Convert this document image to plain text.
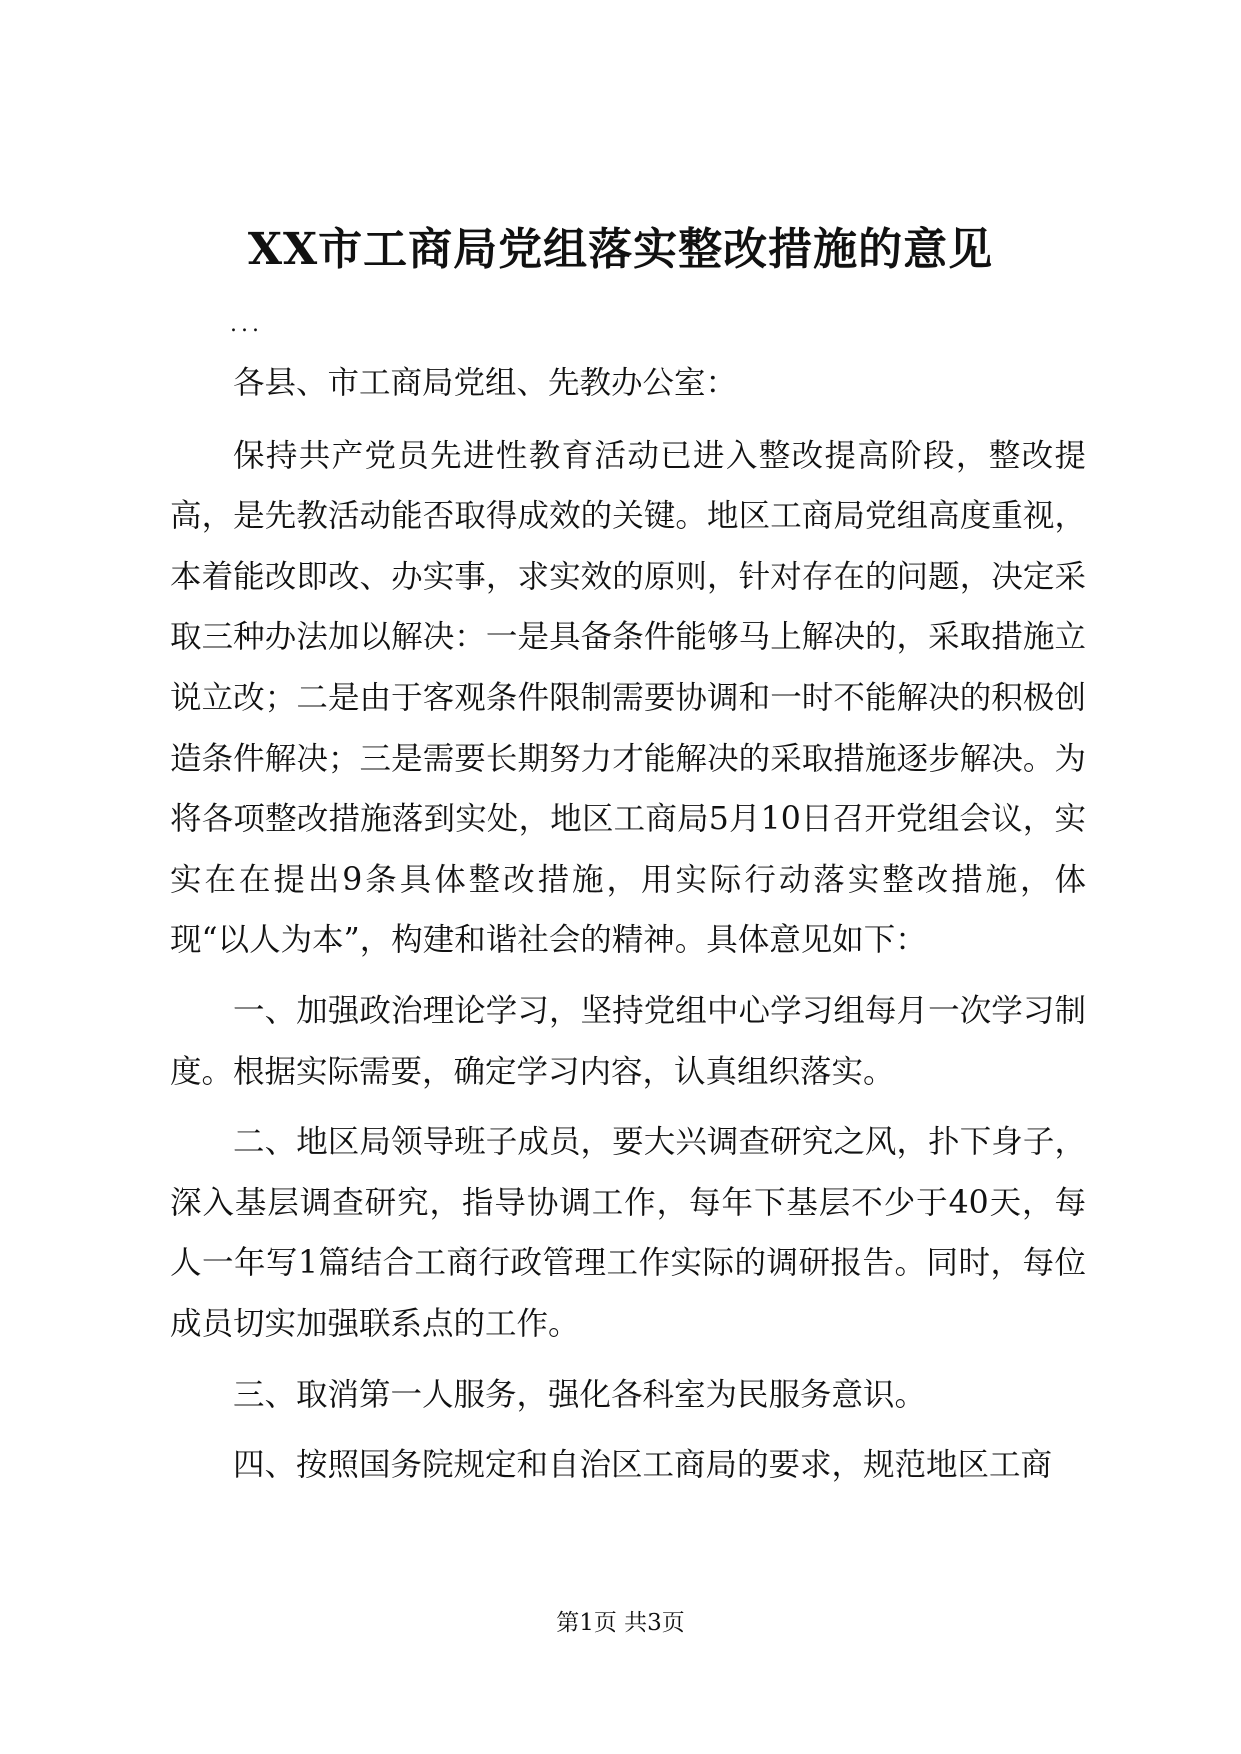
XX市工商局党组落实整改措施的意见

...

各县、市工商局党组、先教办公室：

保持共产党员先进性教育活动已进入整改提高阶段，整改提高，是先教活动能否取得成效的关键。地区工商局党组高度重视，本着能改即改、办实事，求实效的原则，针对存在的问题，决定采取三种办法加以解决：一是具备条件能够马上解决的，采取措施立说立改；二是由于客观条件限制需要协调和一时不能解决的积极创造条件解决；三是需要长期努力才能解决的采取措施逐步解决。为将各项整改措施落到实处，地区工商局5月10日召开党组会议，实实在在提出9条具体整改措施，用实际行动落实整改措施，体现“以人为本”，构建和谐社会的精神。具体意见如下：

一、加强政治理论学习，坚持党组中心学习组每月一次学习制度。根据实际需要，确定学习内容，认真组织落实。

二、地区局领导班子成员，要大兴调查研究之风，扑下身子，深入基层调查研究，指导协调工作，每年下基层不少于40天，每人一年写1篇结合工商行政管理工作实际的调研报告。同时，每位成员切实加强联系点的工作。

三、取消第一人服务，强化各科室为民服务意识。

四、按照国务院规定和自治区工商局的要求，规范地区工商

第1页 共3页
